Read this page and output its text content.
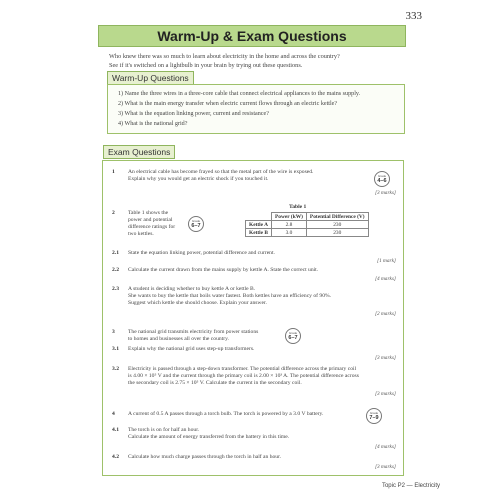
333
Warm-Up & Exam Questions
Who knew there was so much to learn about electricity in the home and across the country?
See if it's switched on a lightbulb in your brain by trying out these questions.
Warm-Up Questions
1) Name the three wires in a three-core cable that connect electrical appliances to the mains supply.
2) What is the main energy transfer when electric current flows through an electric kettle?
3) What is the equation linking power, current and resistance?
4) What is the national grid?
Exam Questions
1 An electrical cable has become frayed so that the metal part of the wire is exposed.
Explain why you would get an electric shock if you touched it.
Grade
4–6
[3 marks]
2 Table 1 shows the
power and potential
difference ratings for
two kettles.
Grade
6–7
Table 1
	Power (kW)	Potential Difference (V)
Kettle A	2.8	230
Kettle B	3.0	230
2.1 State the equation linking power, potential difference and current.
[1 mark]
2.2 Calculate the current drawn from the mains supply by kettle A. State the correct unit.
[4 marks]
2.3 A student is deciding whether to buy kettle A or kettle B.
She wants to buy the kettle that boils water fastest. Both kettles have an efficiency of 90%.
Suggest which kettle she should choose. Explain your answer.
[2 marks]
3 The national grid transmits electricity from power stations
to homes and businesses all over the country.
Grade
6–7
3.1 Explain why the national grid uses step-up transformers.
[3 marks]
3.2 Electricity is passed through a step-down transformer. The potential difference across the primary coil
is 4.00 × 10⁵ V and the current through the primary coil is 2.00 × 10³ A. The potential difference across
the secondary coil is 2.75 × 10⁵ V. Calculate the current in the secondary coil.
[3 marks]
4 A current of 0.5 A passes through a torch bulb. The torch is powered by a 3.0 V battery.	Grade
7–9
4.1 The torch is on for half an hour.
Calculate the amount of energy transferred from the battery in this time.
[4 marks]
4.2 Calculate how much charge passes through the torch in half an hour.
[3 marks]
Topic P2 — Electricity
